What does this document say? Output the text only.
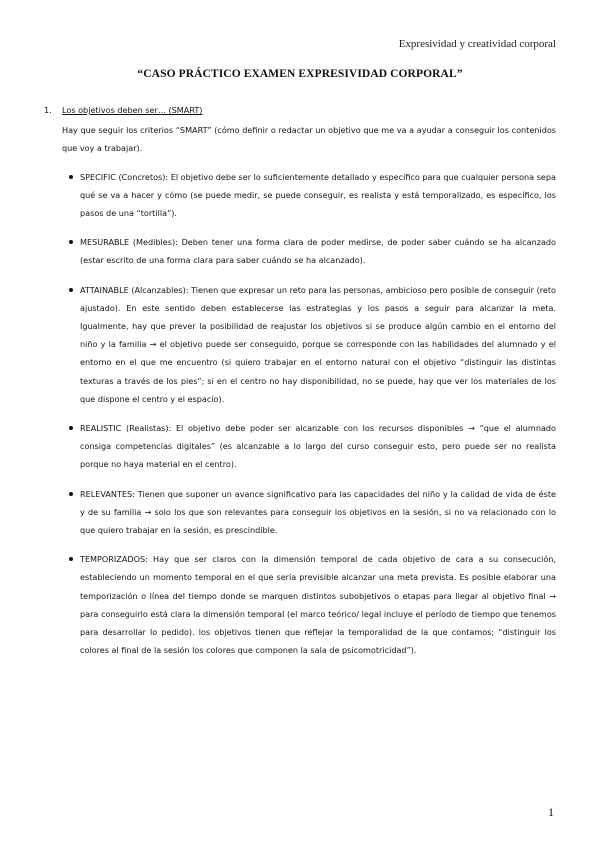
Expresividad y creatividad corporal
“CASO PRÁCTICO EXAMEN EXPRESIVIDAD CORPORAL”
1.	Los objetivos deben ser… (SMART)
Hay que seguir los criterios “SMART” (cómo definir o redactar un objetivo que me va a ayudar a conseguir los contenidos que voy a trabajar).
SPECIFIC (Concretos): El objetivo debe ser lo suficientemente detallado y específico para que cualquier persona sepa qué se va a hacer y cómo (se puede medir, se puede conseguir, es realista y está temporalizado, es específico, los pasos de una “tortilla”).
MESURABLE (Medibles): Deben tener una forma clara de poder medirse, de poder saber cuándo se ha alcanzado (estar escrito de una forma clara para saber cuándo se ha alcanzado).
ATTAINABLE (Alcanzables): Tienen que expresar un reto para las personas, ambicioso pero posible de conseguir (reto ajustado). En este sentido deben establecerse las estrategias y los pasos a seguir para alcanzar la meta. Igualmente, hay que prever la posibilidad de reajustar los objetivos si se produce algún cambio en el entorno del niño y la familia → el objetivo puede ser conseguido, porque se corresponde con las habilidades del alumnado y el entorno en el que me encuentro (si quiero trabajar en el entorno natural con el objetivo “distinguir las distintas texturas a través de los pies”; si en el centro no hay disponibilidad, no se puede, hay que ver los materiales de los que dispone el centro y el espacio).
REALISTIC (Realistas): El objetivo debe poder ser alcanzable con los recursos disponibles → “que el alumnado consiga competencias digitales” (es alcanzable a lo largo del curso conseguir esto, pero puede ser no realista porque no haya material en el centro).
RELEVANTES: Tienen que suponer un avance significativo para las capacidades del niño y la calidad de vida de éste y de su familia → solo los que son relevantes para conseguir los objetivos en la sesión, si no va relacionado con lo que quiero trabajar en la sesión, es prescindible.
TEMPORIZADOS: Hay que ser claros con la dimensión temporal de cada objetivo de cara a su consecución, estableciendo un momento temporal en el que sería previsible alcanzar una meta prevista. Es posible elaborar una temporización o línea del tiempo donde se marquen distintos subobjetivos o etapas para llegar al objetivo final → para conseguirlo está clara la dimensión temporal (el marco teórico/ legal incluye el período de tiempo que tenemos para desarrollar lo pedido). los objetivos tienen que reflejar la temporalidad de la que contamos; “distinguir los colores al final de la sesión los colores que componen la sala de psicomotricidad”).
1
